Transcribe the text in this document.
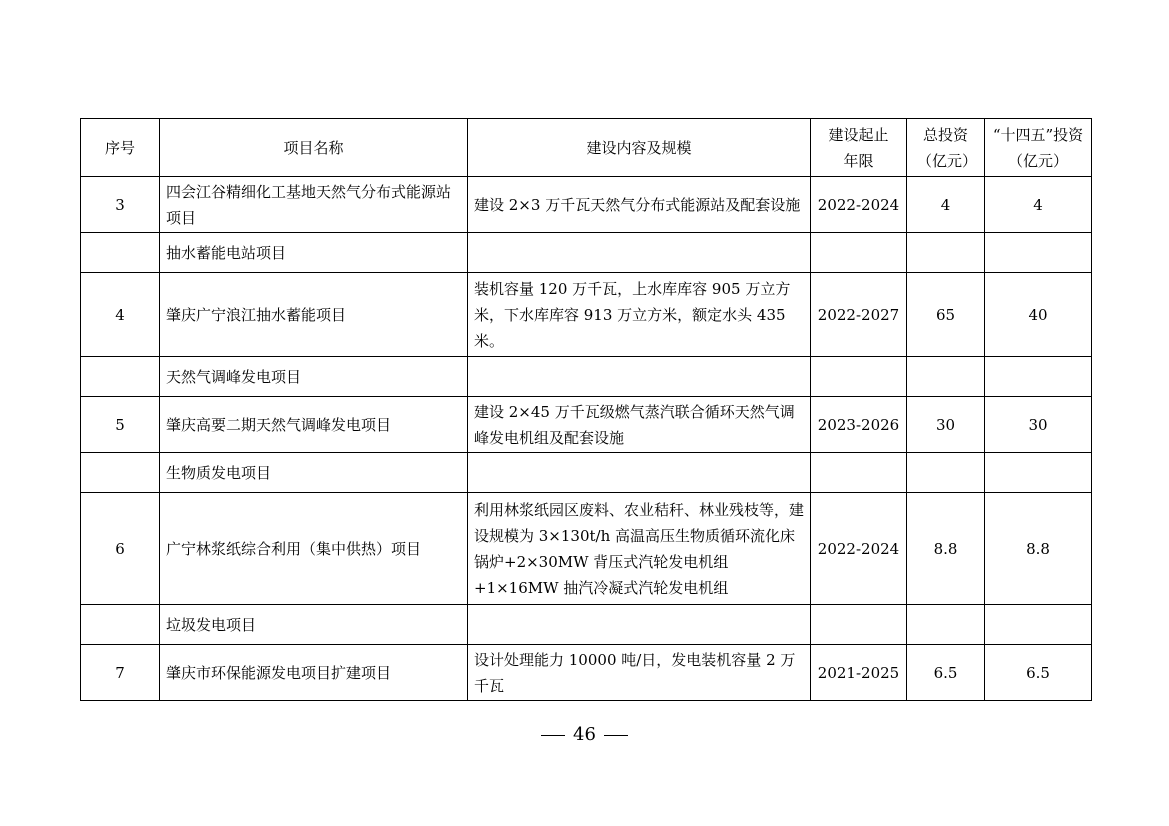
序号	项目名称	建设内容及规模	建设起止年限	总投资（亿元）	“十四五”投资（亿元）
3	四会江谷精细化工基地天然气分布式能源站项目	建设 2×3 万千瓦天然气分布式能源站及配套设施	2022-2024	4	4
	抽水蓄能电站项目				
4	肇庆广宁浪江抽水蓄能项目	装机容量 120 万千瓦，上水库库容 905 万立方米，下水库库容 913 万立方米，额定水头 435 米。	2022-2027	65	40
	天然气调峰发电项目				
5	肇庆高要二期天然气调峰发电项目	建设 2×45 万千瓦级燃气蒸汽联合循环天然气调峰发电机组及配套设施	2023-2026	30	30
	生物质发电项目				
6	广宁林浆纸综合利用（集中供热）项目	利用林浆纸园区废料、农业秸秆、林业残枝等，建设规模为 3×130t/h 高温高压生物质循环流化床锅炉+2×30MW 背压式汽轮发电机组+1×16MW 抽汽冷凝式汽轮发电机组	2022-2024	8.8	8.8
	垃圾发电项目				
7	肇庆市环保能源发电项目扩建项目	设计处理能力 10000 吨/日，发电装机容量 2 万千瓦	2021-2025	6.5	6.5
46
